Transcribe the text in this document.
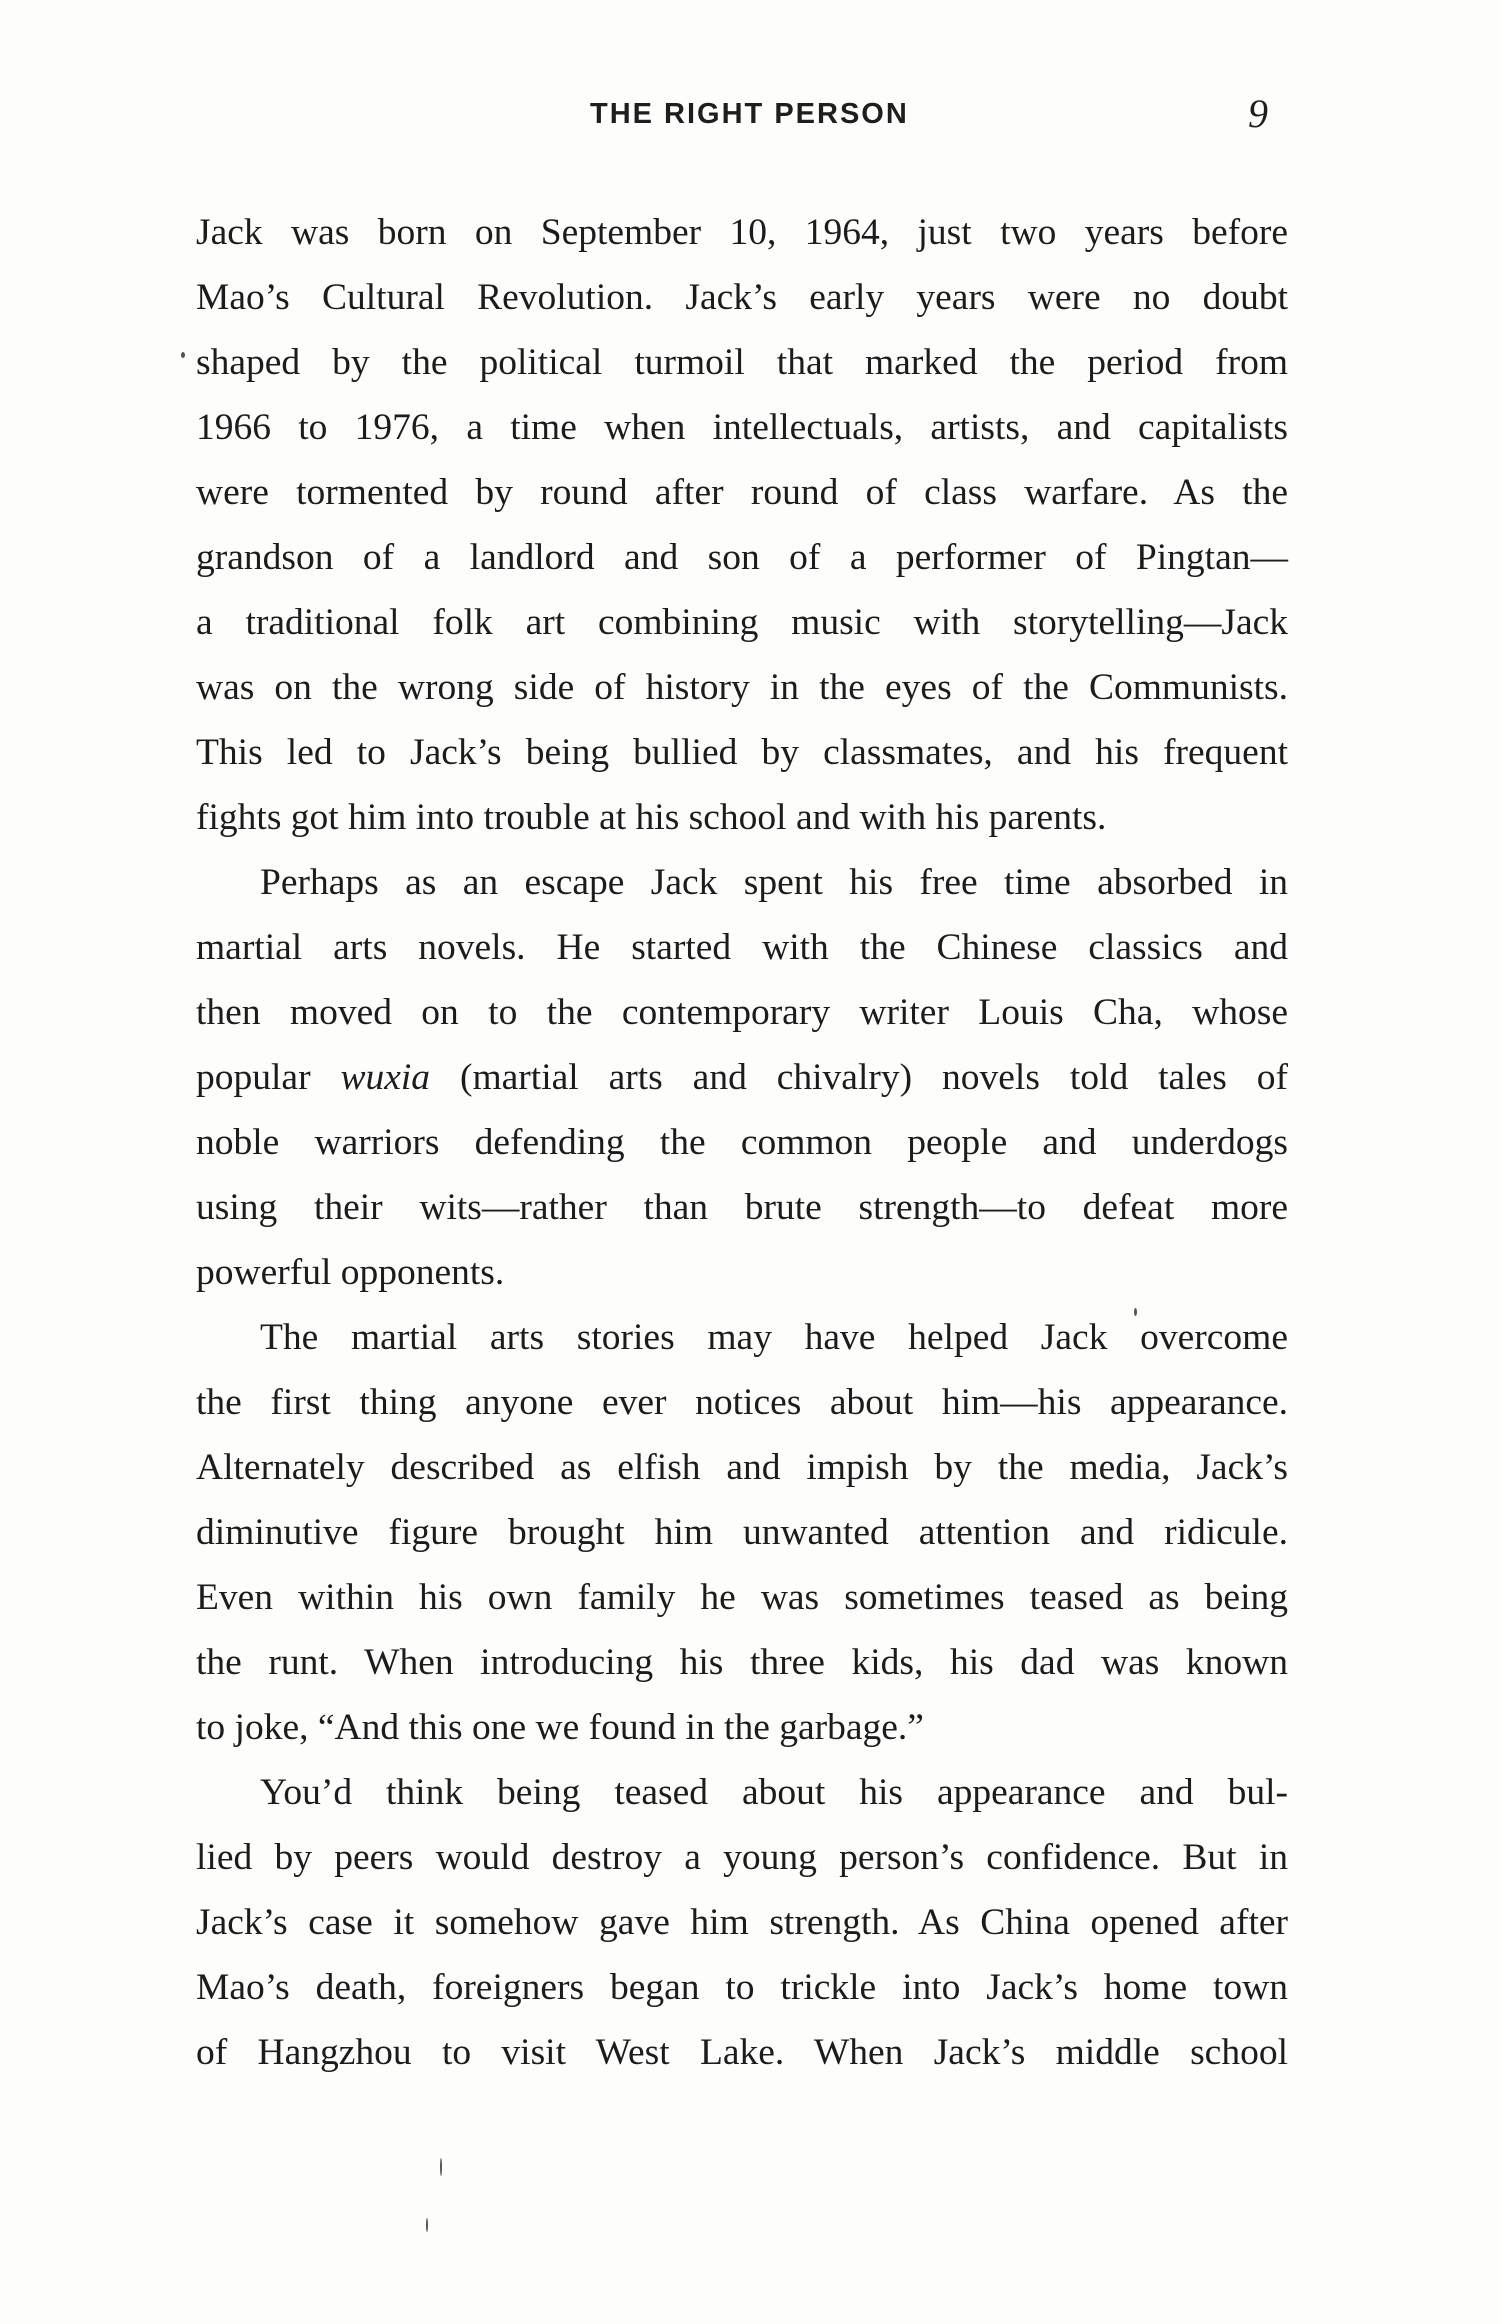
THE RIGHT PERSON	9
Jack was born on September 10, 1964, just two years before
Mao’s Cultural Revolution. Jack’s early years were no doubt
shaped by the political turmoil that marked the period from
1966 to 1976, a time when intellectuals, artists, and capitalists
were tormented by round after round of class warfare. As the
grandson of a landlord and son of a performer of Pingtan—
a traditional folk art combining music with storytelling—Jack
was on the wrong side of history in the eyes of the Communists.
This led to Jack’s being bullied by classmates, and his frequent
fights got him into trouble at his school and with his parents.
Perhaps as an escape Jack spent his free time absorbed in
martial arts novels. He started with the Chinese classics and
then moved on to the contemporary writer Louis Cha, whose
popular wuxia (martial arts and chivalry) novels told tales of
noble warriors defending the common people and underdogs
using their wits—rather than brute strength—to defeat more
powerful opponents.
The martial arts stories may have helped Jack overcome
the first thing anyone ever notices about him—his appearance.
Alternately described as elfish and impish by the media, Jack’s
diminutive figure brought him unwanted attention and ridicule.
Even within his own family he was sometimes teased as being
the runt. When introducing his three kids, his dad was known
to joke, “And this one we found in the garbage.”
You’d think being teased about his appearance and bul-
lied by peers would destroy a young person’s confidence. But in
Jack’s case it somehow gave him strength. As China opened after
Mao’s death, foreigners began to trickle into Jack’s home town
of Hangzhou to visit West Lake. When Jack’s middle school
